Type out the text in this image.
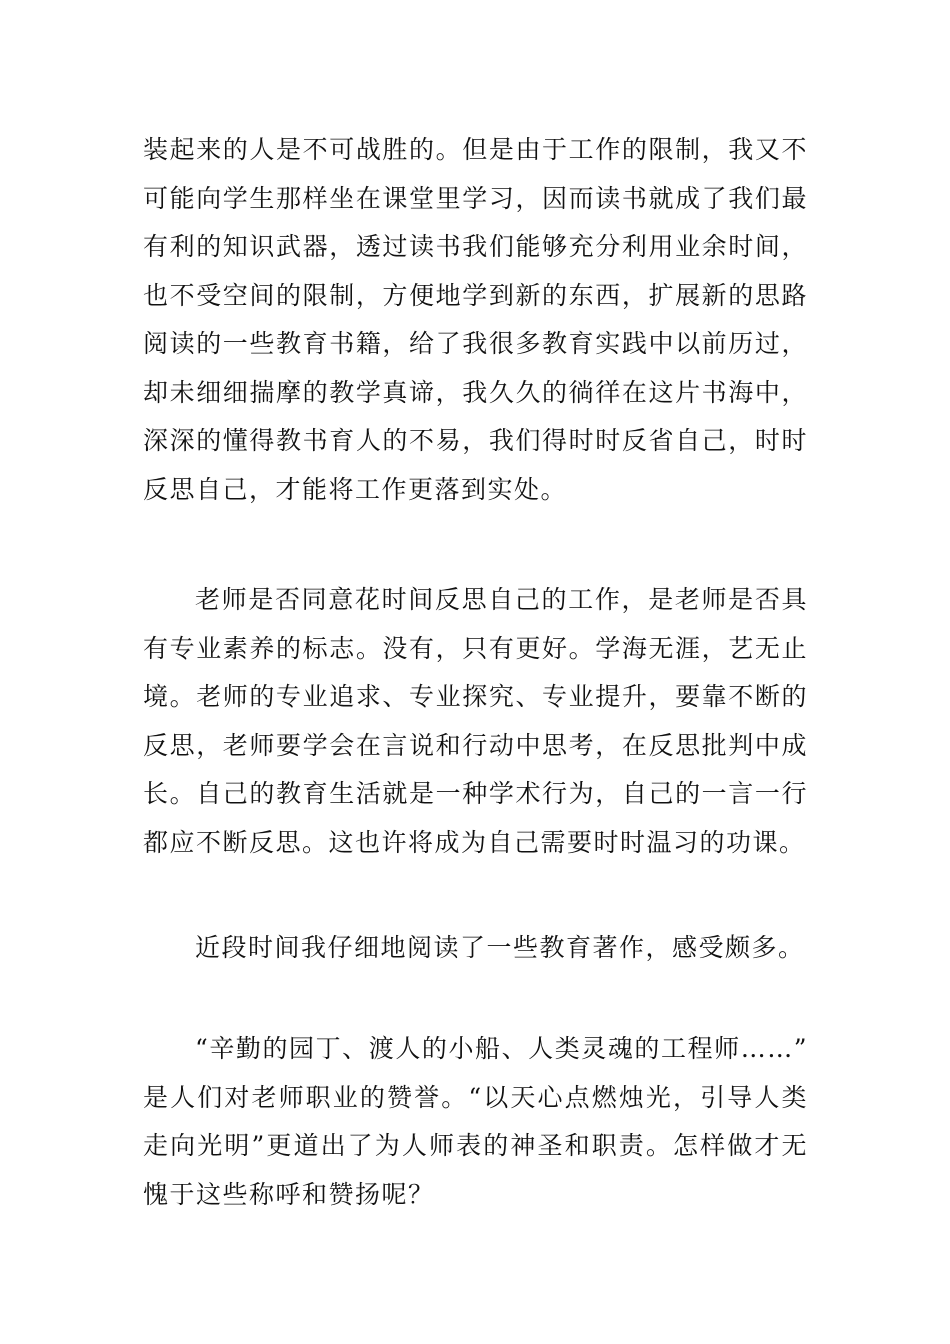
装起来的人是不可战胜的。但是由于工作的限制，我又不可能向学生那样坐在课堂里学习，因而读书就成了我们最有利的知识武器，透过读书我们能够充分利用业余时间，也不受空间的限制，方便地学到新的东西，扩展新的思路阅读的一些教育书籍，给了我很多教育实践中以前历过，却未细细揣摩的教学真谛，我久久的徜徉在这片书海中，深深的懂得教书育人的不易，我们得时时反省自己，时时反思自己，才能将工作更落到实处。

老师是否同意花时间反思自己的工作，是老师是否具有专业素养的标志。没有，只有更好。学海无涯，艺无止境。老师的专业追求、专业探究、专业提升，要靠不断的反思，老师要学会在言说和行动中思考，在反思批判中成长。自己的教育生活就是一种学术行为，自己的一言一行都应不断反思。这也许将成为自己需要时时温习的功课。

近段时间我仔细地阅读了一些教育著作，感受颇多。

“辛勤的园丁、渡人的小船、人类灵魂的工程师……”是人们对老师职业的赞誉。“以天心点燃烛光，引导人类走向光明”更道出了为人师表的神圣和职责。怎样做才无愧于这些称呼和赞扬呢？
